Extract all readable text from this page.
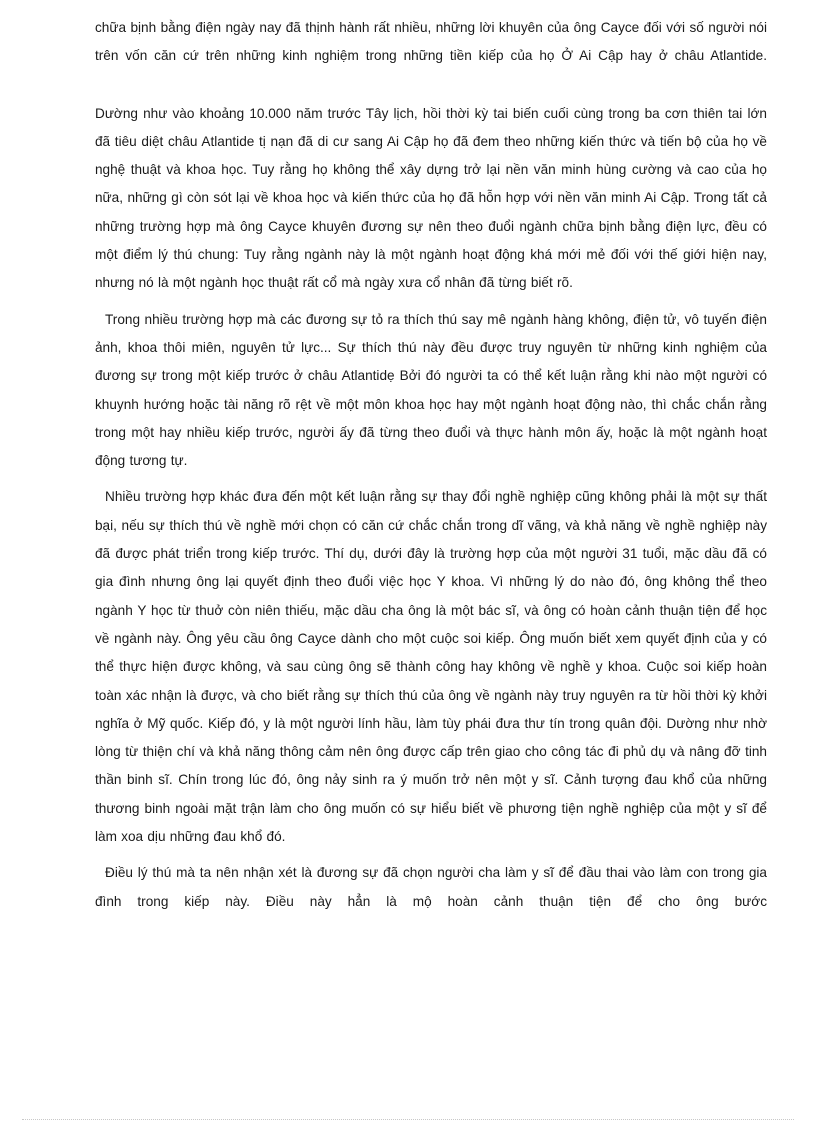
chữa bịnh bằng điện ngày nay đã thịnh hành rất nhiều, những lời khuyên của ông Cayce đối với số người nói trên vốn căn cứ trên những kinh nghiệm trong những tiền kiếp của họ Ở Ai Cập hay ở châu Atlantide.

Dường như vào khoảng 10.000 năm trước Tây lịch, hồi thời kỳ tai biến cuối cùng trong ba cơn thiên tai lớn đã tiêu diệt châu Atlantide tị nạn đã di cư sang Ai Cập họ đã đem theo những kiến thức và tiến bộ của họ về nghệ thuật và khoa học. Tuy rằng họ không thể xây dựng trở lại nền văn minh hùng cường và cao của họ nữa, những gì còn sót lại về khoa học và kiến thức của họ đã hỗn hợp với nền văn minh Ai Cập. Trong tất cả những trường hợp mà ông Cayce khuyên đương sự nên theo đuổi ngành chữa bịnh bằng điện lực, đều có một điểm lý thú chung: Tuy rằng ngành này là một ngành hoạt động khá mới mẻ đối với thế giới hiện nay, nhưng nó là một ngành học thuật rất cổ mà ngày xưa cổ nhân đã từng biết rõ.

Trong nhiều trường hợp mà các đương sự tỏ ra thích thú say mê ngành hàng không, điện tử, vô tuyến điện ảnh, khoa thôi miên, nguyên tử lực... Sự thích thú này đều được truy nguyên từ những kinh nghiệm của đương sự trong một kiếp trước ở châu Atlantidẹ Bởi đó người ta có thể kết luận rằng khi nào một người có khuynh hướng hoặc tài năng rõ rệt về một môn khoa học hay một ngành hoạt động nào, thì chắc chắn rằng trong một hay nhiều kiếp trước, người ấy đã từng theo đuổi và thực hành môn ấy, hoặc là một ngành hoạt động tương tự.

Nhiều trường hợp khác đưa đến một kết luận rằng sự thay đổi nghề nghiệp cũng không phải là một sự thất bại, nếu sự thích thú về nghề mới chọn có căn cứ chắc chắn trong dĩ vãng, và khả năng về nghề nghiệp này đã được phát triển trong kiếp trước. Thí dụ, dưới đây là trường hợp của một người 31 tuổi, mặc dầu đã có gia đình nhưng ông lại quyết định theo đuổi việc học Y khoa. Vì những lý do nào đó, ông không thể theo ngành Y học từ thuở còn niên thiếu, mặc dầu cha ông là một bác sĩ, và ông có hoàn cảnh thuận tiện để học về ngành này. Ông yêu cầu ông Cayce dành cho một cuộc soi kiếp. Ông muốn biết xem quyết định của y có thể thực hiện được không, và sau cùng ông sẽ thành công hay không về nghề y khoa. Cuộc soi kiếp hoàn toàn xác nhận là được, và cho biết rằng sự thích thú của ông về ngành này truy nguyên ra từ hồi thời kỳ khởi nghĩa ở Mỹ quốc. Kiếp đó, y là một người lính hầu, làm tùy phái đưa thư tín trong quân đội. Dường như nhờ lòng từ thiện chí và khả năng thông cảm nên ông được cấp trên giao cho công tác đi phủ dụ và nâng đỡ tinh thần binh sĩ. Chín trong lúc đó, ông nảy sinh ra ý muốn trở nên một y sĩ. Cảnh tượng đau khổ của những thương binh ngoài mặt trận làm cho ông muốn có sự hiểu biết về phương tiện nghề nghiệp của một y sĩ để làm xoa dịu những đau khổ đó.

Điều lý thú mà ta nên nhận xét là đương sự đã chọn người cha làm y sĩ để đầu thai vào làm con trong gia đình trong kiếp này. Điều này hẳn là mộ hoàn cảnh thuận tiện để cho ông bước
